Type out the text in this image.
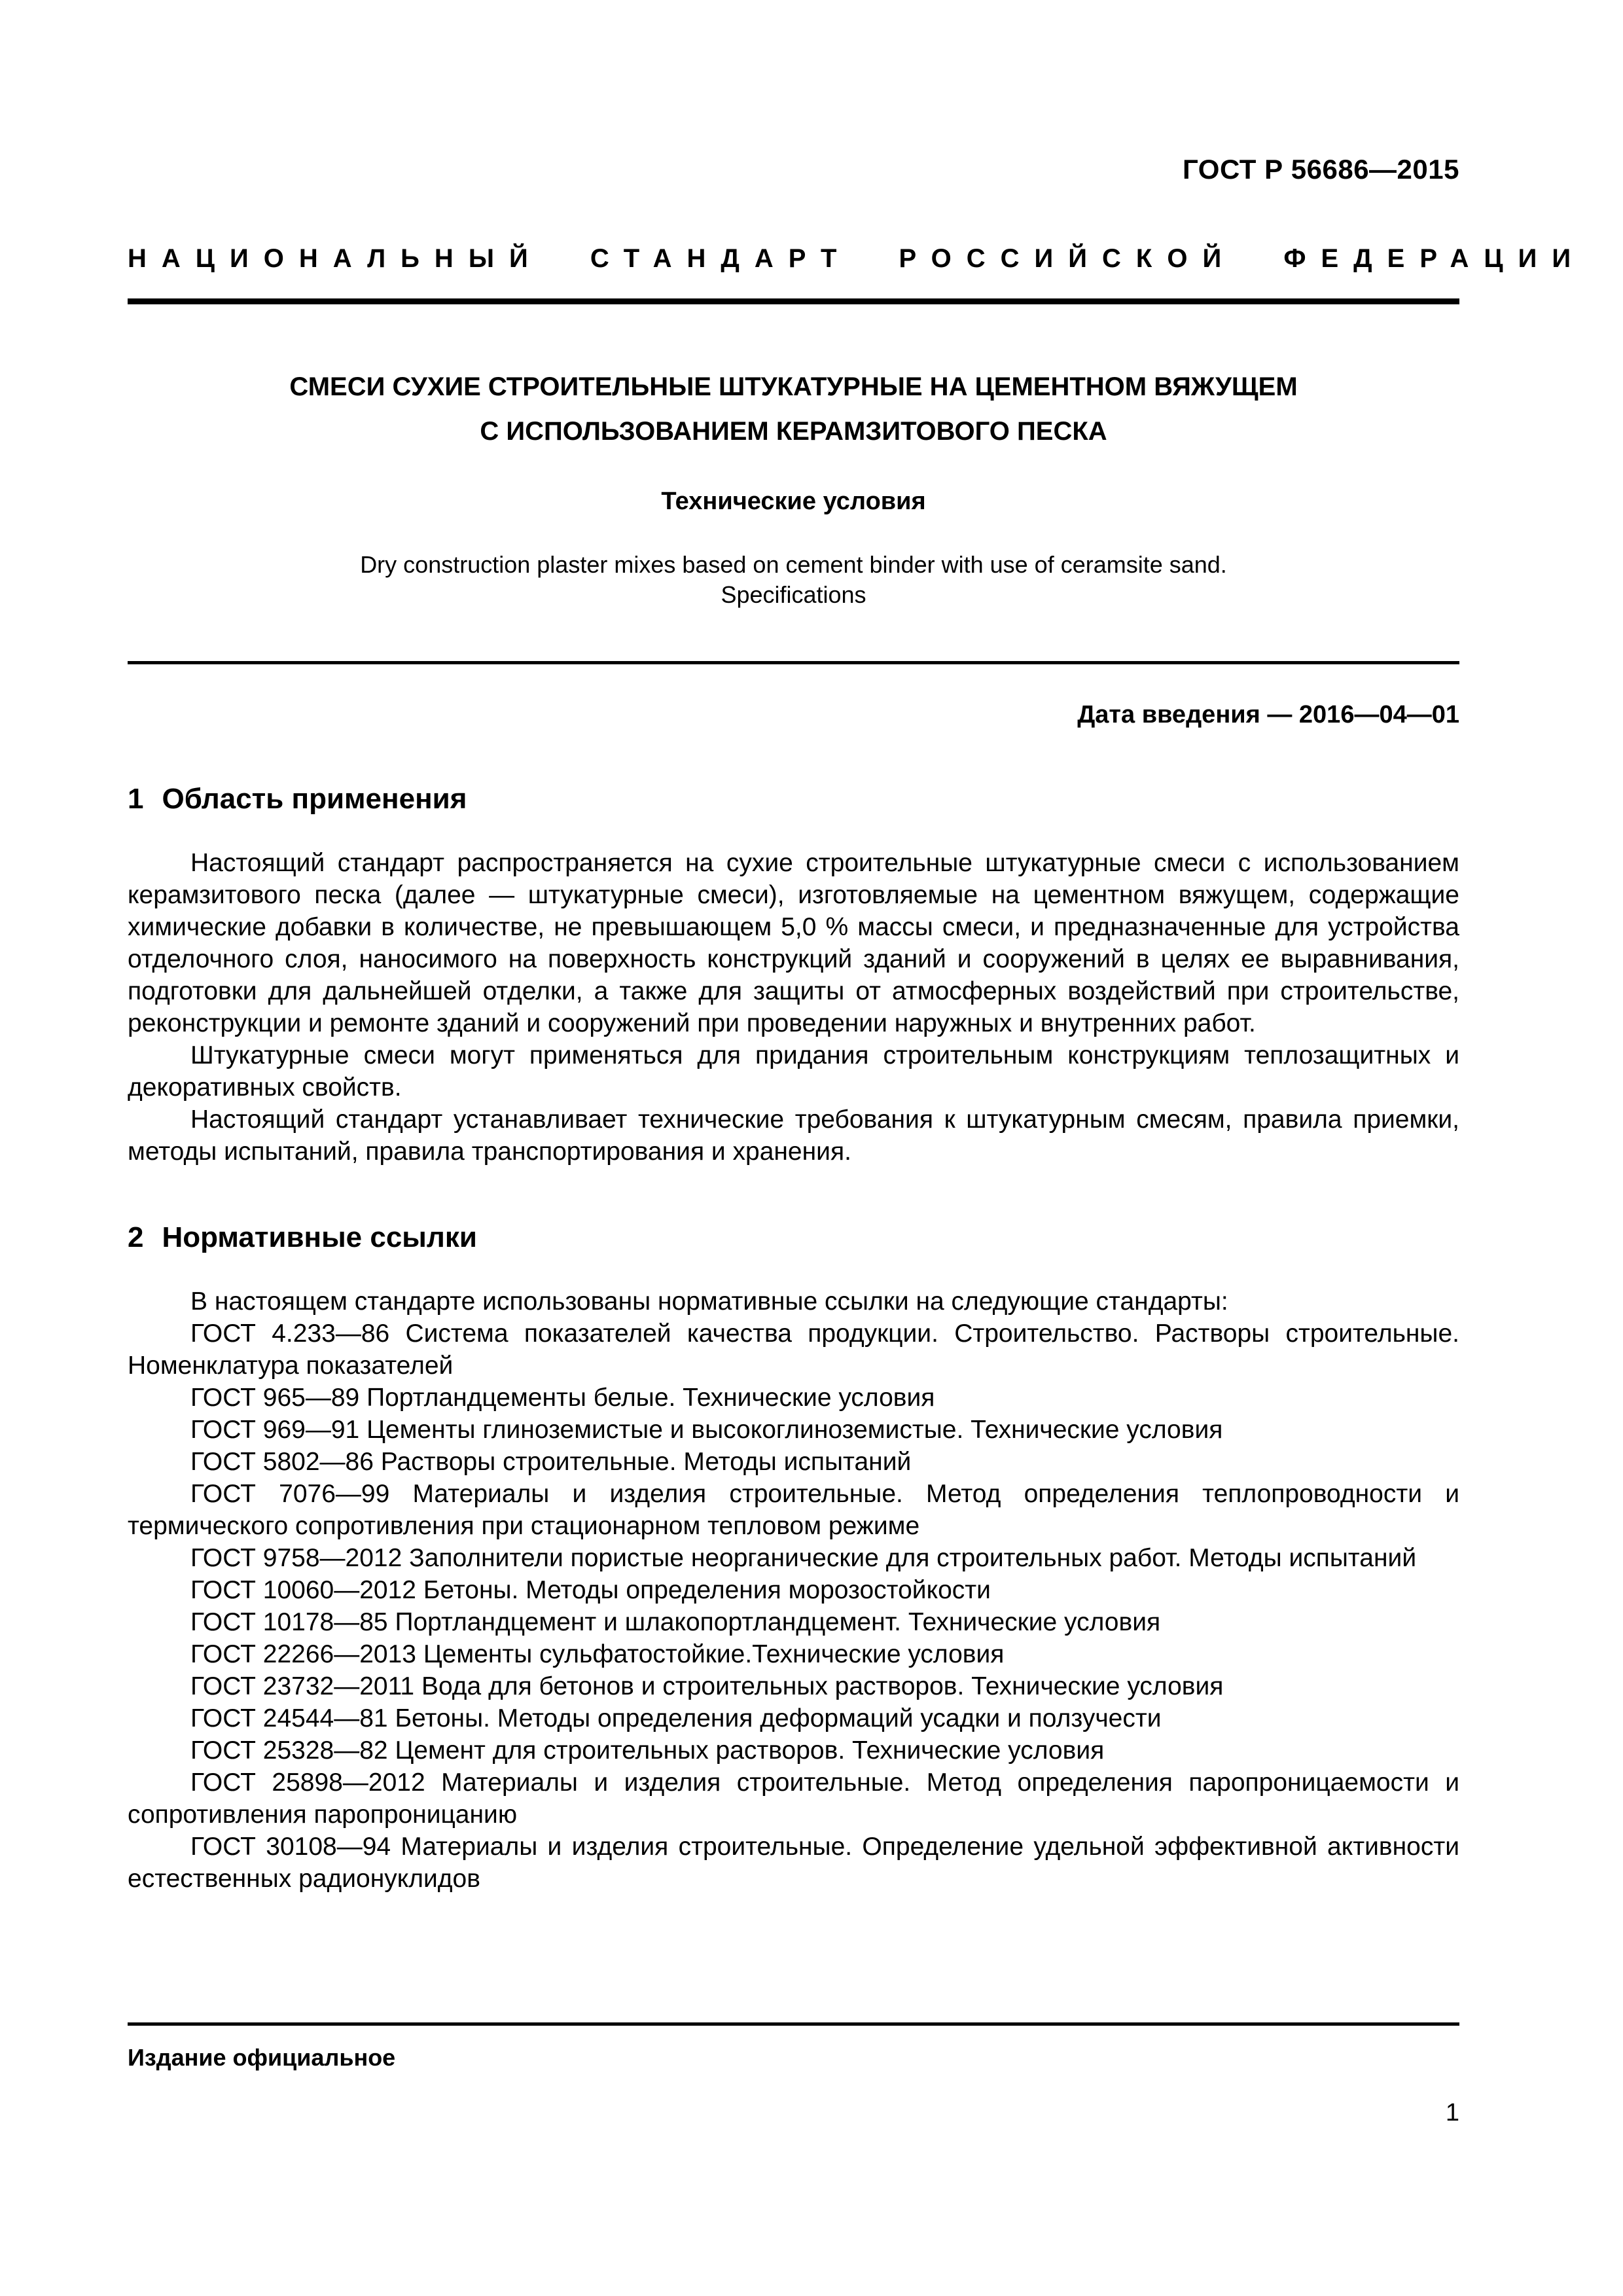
ГОСТ Р 56686—2015
НАЦИОНАЛЬНЫЙ СТАНДАРТ РОССИЙСКОЙ ФЕДЕРАЦИИ
СМЕСИ СУХИЕ СТРОИТЕЛЬНЫЕ ШТУКАТУРНЫЕ НА ЦЕМЕНТНОМ ВЯЖУЩЕМ
С ИСПОЛЬЗОВАНИЕМ КЕРАМЗИТОВОГО ПЕСКА
Технические условия
Dry construction plaster mixes based on cement binder with use of ceramsite sand.
Specifications
Дата введения — 2016—04—01
1 Область применения

Настоящий стандарт распространяется на сухие строительные штукатурные смеси с использованием керамзитового песка (далее — штукатурные смеси), изготовляемые на цементном вяжущем, содержащие химические добавки в количестве, не превышающем 5,0 % массы смеси, и предназначенные для устройства отделочного слоя, наносимого на поверхность конструкций зданий и сооружений в целях ее выравнивания, подготовки для дальнейшей отделки, а также для защиты от атмосферных воздействий при строительстве, реконструкции и ремонте зданий и сооружений при проведении наружных и внутренних работ.

Штукатурные смеси могут применяться для придания строительным конструкциям теплозащитных и декоративных свойств.

Настоящий стандарт устанавливает технические требования к штукатурным смесям, правила приемки, методы испытаний, правила транспортирования и хранения.

2 Нормативные ссылки

В настоящем стандарте использованы нормативные ссылки на следующие стандарты:

ГОСТ 4.233—86 Система показателей качества продукции. Строительство. Растворы строительные. Номенклатура показателей

ГОСТ 965—89 Портландцементы белые. Технические условия

ГОСТ 969—91 Цементы глиноземистые и высокоглиноземистые. Технические условия

ГОСТ 5802—86 Растворы строительные. Методы испытаний

ГОСТ 7076—99 Материалы и изделия строительные. Метод определения теплопроводности и термического сопротивления при стационарном тепловом режиме

ГОСТ 9758—2012 Заполнители пористые неорганические для строительных работ. Методы испытаний

ГОСТ 10060—2012 Бетоны. Методы определения морозостойкости

ГОСТ 10178—85 Портландцемент и шлакопортландцемент. Технические условия

ГОСТ 22266—2013 Цементы сульфатостойкие.Технические условия

ГОСТ 23732—2011 Вода для бетонов и строительных растворов. Технические условия

ГОСТ 24544—81 Бетоны. Методы определения деформаций усадки и ползучести

ГОСТ 25328—82 Цемент для строительных растворов. Технические условия

ГОСТ 25898—2012 Материалы и изделия строительные. Метод определения паропроницаемости и сопротивления паропроницанию

ГОСТ 30108—94 Материалы и изделия строительные. Определение удельной эффективной активности естественных радионуклидов

Издание официальное
1
